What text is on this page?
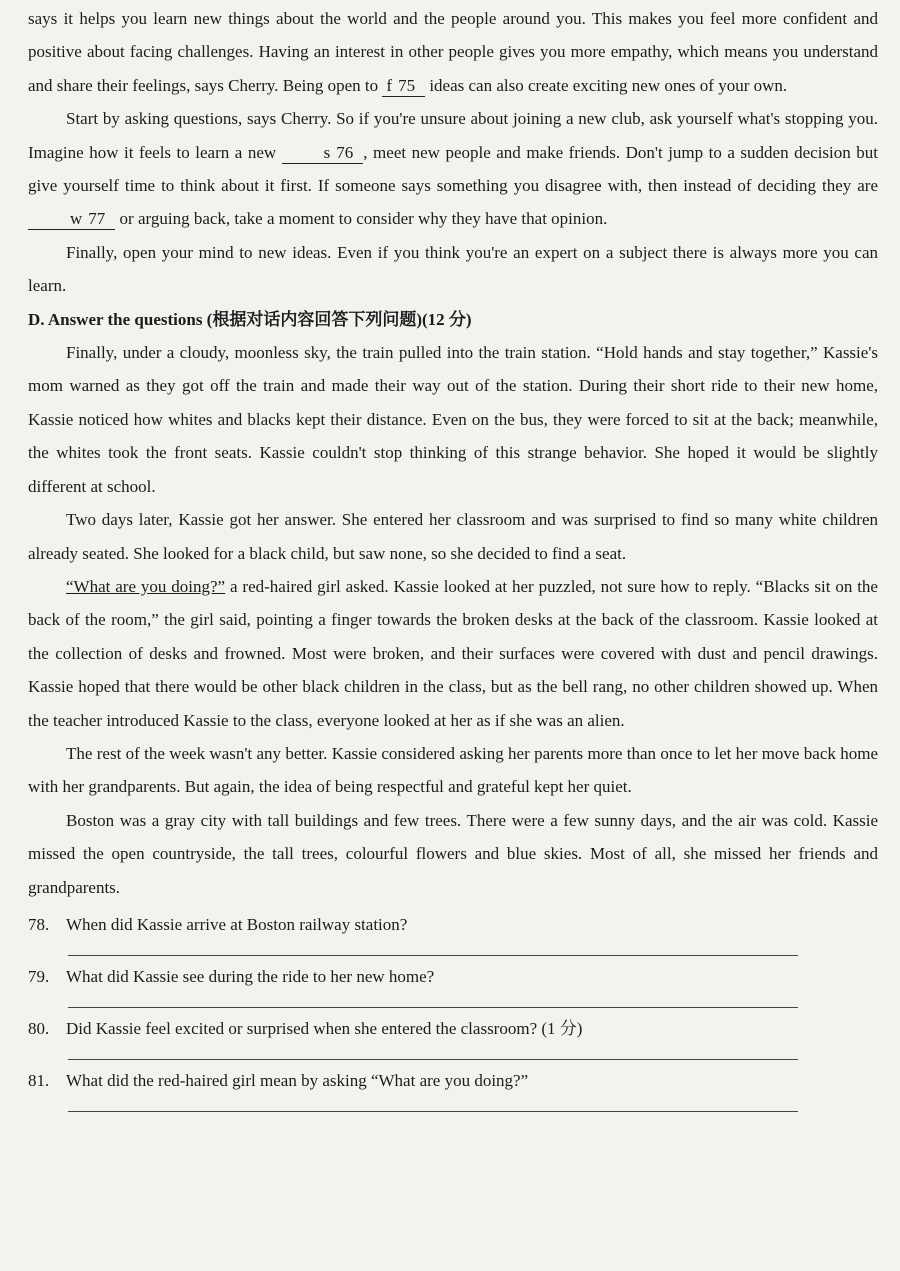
says it helps you learn new things about the world and the people around you. This makes you feel more confident and positive about facing challenges. Having an interest in other people gives you more empathy, which means you understand and share their feelings, says Cherry. Being open to f 75 ideas can also create exciting new ones of your own.

Start by asking questions, says Cherry. So if you're unsure about joining a new club, ask yourself what's stopping you. Imagine how it feels to learn a new s 76 , meet new people and make friends. Don't jump to a sudden decision but give yourself time to think about it first. If someone says something you disagree with, then instead of deciding they are w 77 or arguing back, take a moment to consider why they have that opinion.

Finally, open your mind to new ideas. Even if you think you're an expert on a subject there is always more you can learn.

D. Answer the questions (根据对话内容回答下列问题)(12 分)

Finally, under a cloudy, moonless sky, the train pulled into the train station. “Hold hands and stay together,” Kassie's mom warned as they got off the train and made their way out of the station. During their short ride to their new home, Kassie noticed how whites and blacks kept their distance. Even on the bus, they were forced to sit at the back; meanwhile, the whites took the front seats. Kassie couldn't stop thinking of this strange behavior. She hoped it would be slightly different at school.

Two days later, Kassie got her answer. She entered her classroom and was surprised to find so many white children already seated. She looked for a black child, but saw none, so she decided to find a seat.

“What are you doing?” a red-haired girl asked. Kassie looked at her puzzled, not sure how to reply. “Blacks sit on the back of the room,” the girl said, pointing a finger towards the broken desks at the back of the classroom. Kassie looked at the collection of desks and frowned. Most were broken, and their surfaces were covered with dust and pencil drawings. Kassie hoped that there would be other black children in the class, but as the bell rang, no other children showed up. When the teacher introduced Kassie to the class, everyone looked at her as if she was an alien.

The rest of the week wasn't any better. Kassie considered asking her parents more than once to let her move back home with her grandparents. But again, the idea of being respectful and grateful kept her quiet.

Boston was a gray city with tall buildings and few trees. There were a few sunny days, and the air was cold. Kassie missed the open countryside, the tall trees, colourful flowers and blue skies. Most of all, she missed her friends and grandparents.

78. When did Kassie arrive at Boston railway station?
79. What did Kassie see during the ride to her new home?
80. Did Kassie feel excited or surprised when she entered the classroom? (1 分)
81. What did the red-haired girl mean by asking “What are you doing?”
